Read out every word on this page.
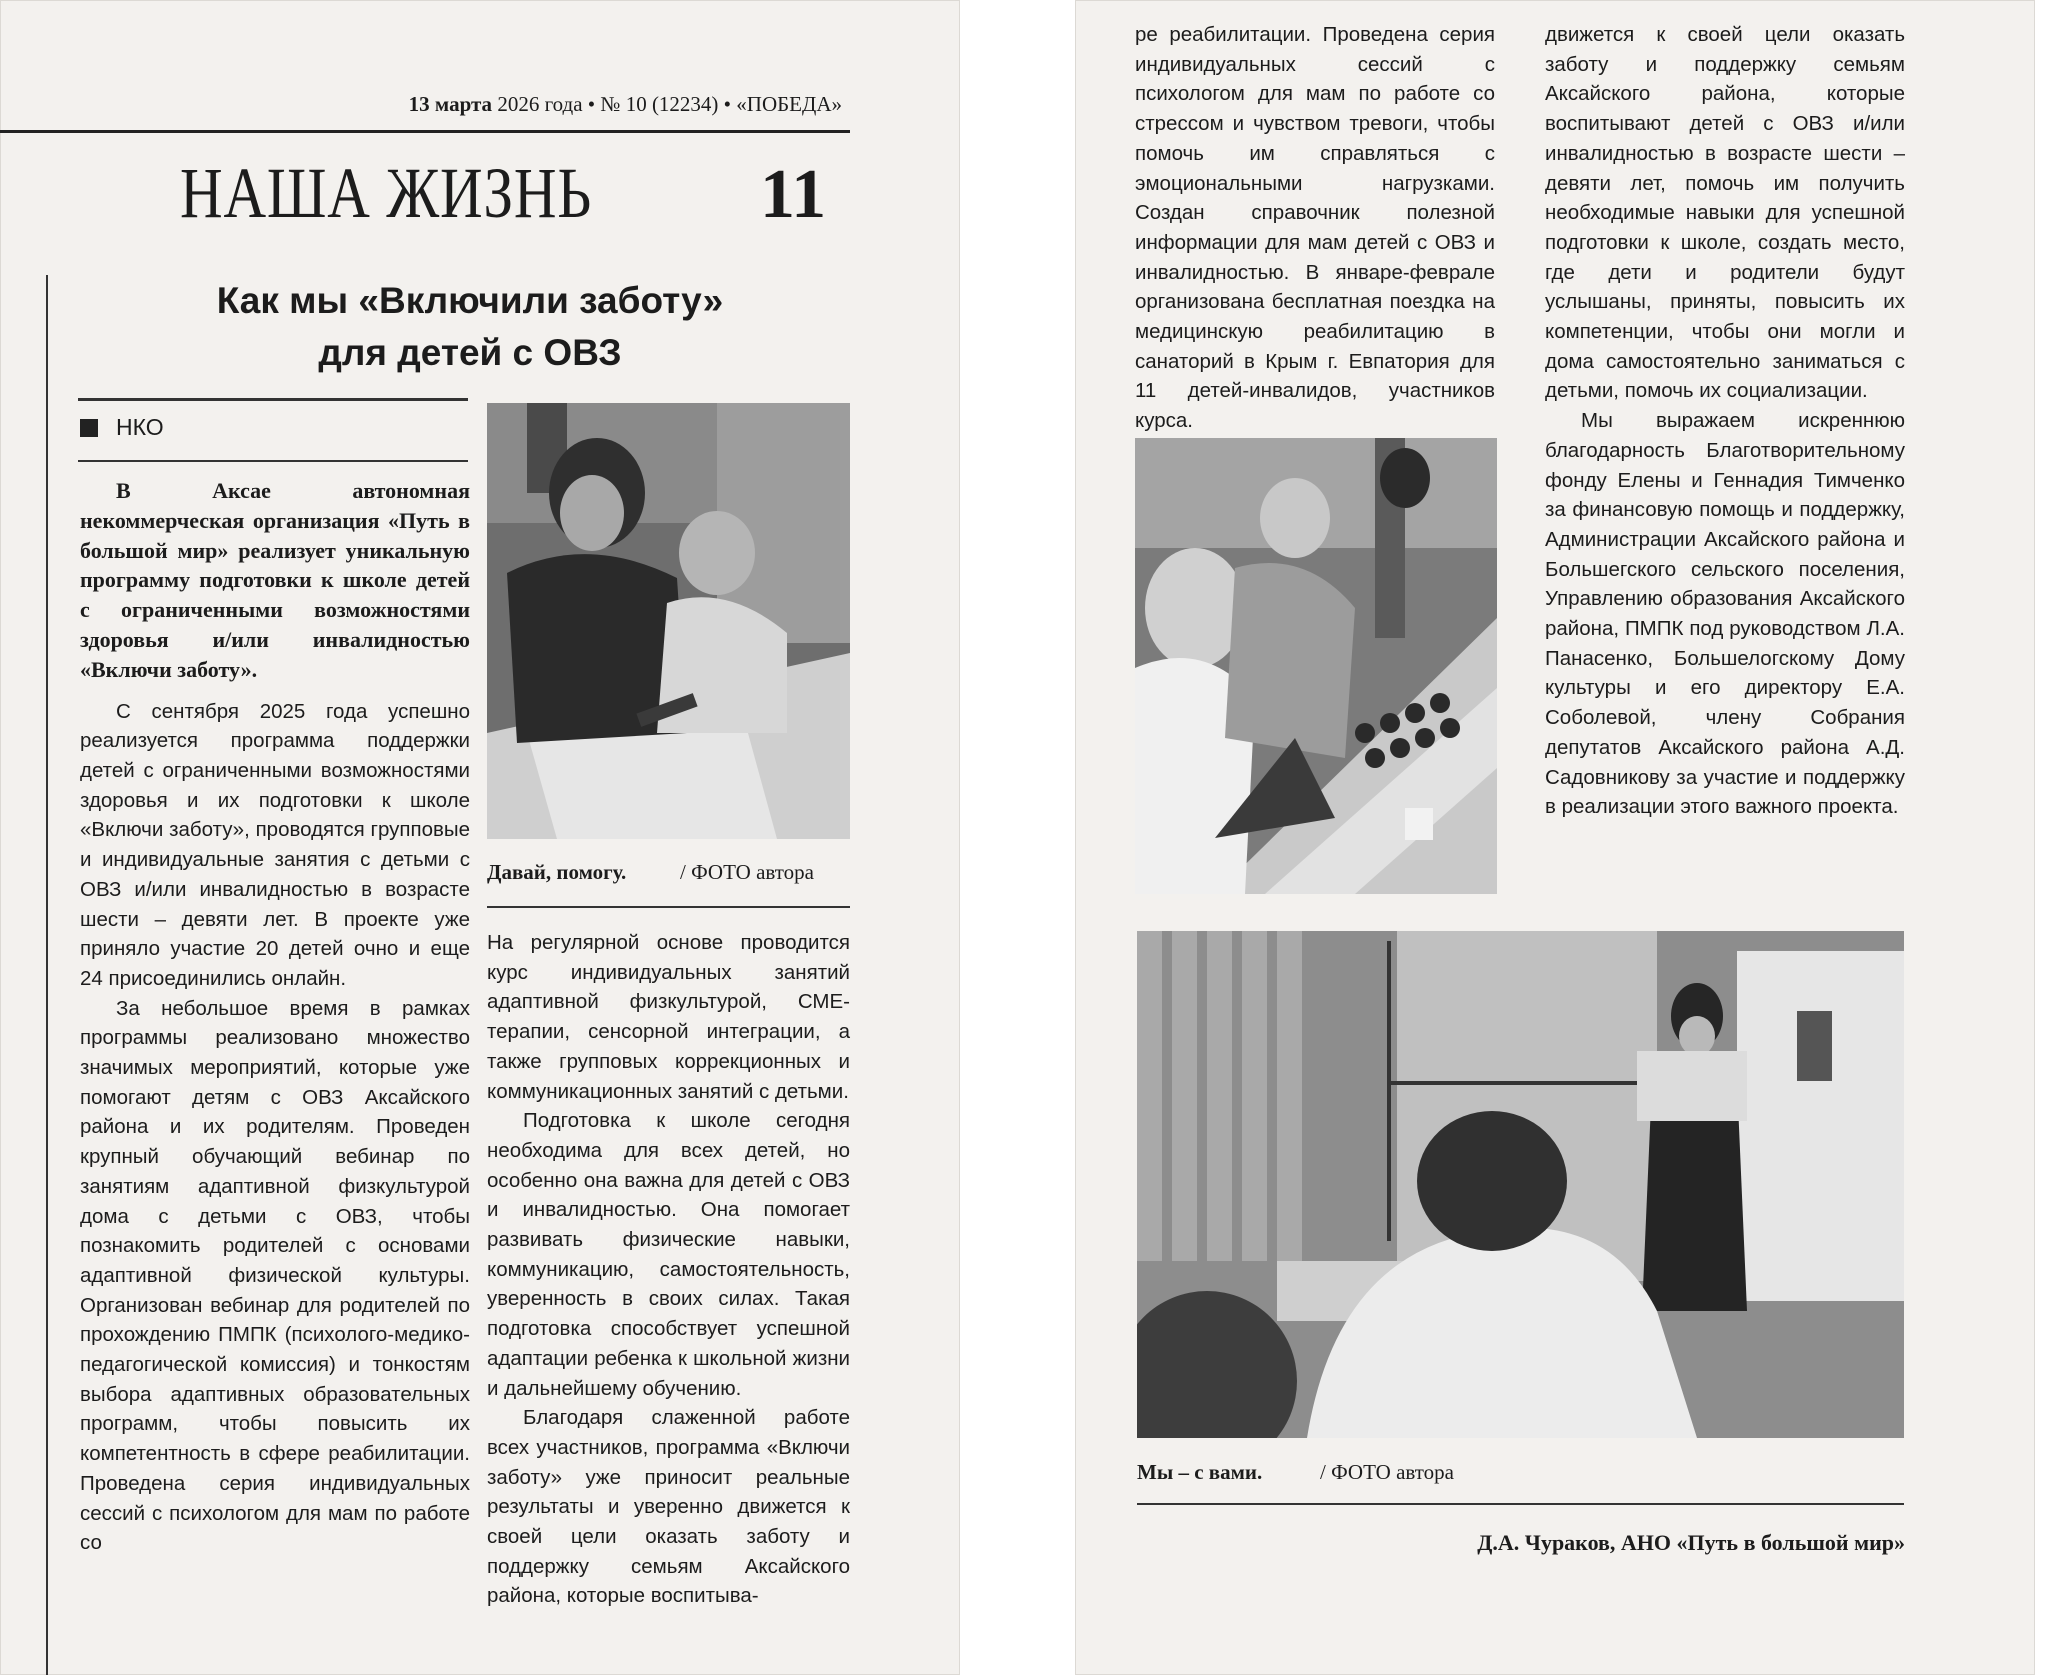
13 марта 2026 года • № 10 (12234) • «ПОБЕДА»
НАША ЖИЗНЬ 11
Как мы «Включили заботу»
для детей с ОВЗ
НКО

В Аксае автономная некоммерческая организация «Путь в большой мир» реализует уникальную программу подготовки к школе детей с ограниченными возможностями здоровья и/или инвалидностью «Включи заботу».

С сентября 2025 года успешно реализуется программа поддержки детей с ограниченными возможностями здоровья и их подготовки к школе «Включи заботу», проводятся групповые и индивидуальные занятия с детьми с ОВЗ и/или инвалидностью в возрасте шести – девяти лет. В проекте уже приняло участие 20 детей очно и еще 24 присоединились онлайн.

За небольшое время в рамках программы реализовано множество значимых мероприятий, которые уже помогают детям с ОВЗ Аксайского района и их родителям. Проведен крупный обучающий вебинар по занятиям адаптивной физкультурой дома с детьми с ОВЗ, чтобы познакомить родителей с основами адаптивной физической культуры. Организован вебинар для родителей по прохождению ПМПК (психолого-медико-педагогической комиссия) и тонкостям выбора адаптивных образовательных программ, чтобы повысить их компетентность в сфере реабилитации. Проведена серия индивидуальных сессий с психологом для мам по работе со

Давай, помогу.	/ ФОТО автора

На регулярной основе проводится курс индивидуальных занятий адаптивной физкультурой, СМЕ-терапии, сенсорной интеграции, а также групповых коррекционных и коммуникационных занятий с детьми.

Подготовка к школе сегодня необходима для всех детей, но особенно она важна для детей с ОВЗ и инвалидностью. Она помогает развивать физические навыки, коммуникацию, самостоятельность, уверенность в своих силах. Такая подготовка способствует успешной адаптации ребенка к школьной жизни и дальнейшему обучению.

Благодаря слаженной работе всех участников, программа «Включи заботу» уже приносит реальные результаты и уверенно движется к своей цели оказать заботу и поддержку семьям Аксайского района, которые воспитыва-

ре реабилитации. Проведена серия индивидуальных сессий с психологом для мам по работе со стрессом и чувством тревоги, чтобы помочь им справляться с эмоциональными нагрузками. Создан справочник полезной информации для мам детей с ОВЗ и инвалидностью. В январе-феврале организована бесплатная поездка на медицинскую реабилитацию в санаторий в Крым г. Евпатория для 11 детей-инвалидов, участников курса.

движется к своей цели оказать заботу и поддержку семьям Аксайского района, которые воспитывают детей с ОВЗ и/или инвалидностью в возрасте шести – девяти лет, помочь им получить необходимые навыки для успешной подготовки к школе, создать место, где дети и родители будут услышаны, приняты, повысить их компетенции, чтобы они могли и дома самостоятельно заниматься с детьми, помочь их социализации.

Мы выражаем искреннюю благодарность Благотворительному фонду Елены и Геннадия Тимченко за финансовую помощь и поддержку, Администрации Аксайского района и Большегского сельского поселения, Управлению образования Аксайского района, ПМПК под руководством Л.А. Панасенко, Большелогскому Дому культуры и его директору Е.А. Соболевой, члену Собрания депутатов Аксайского района А.Д. Садовникову за участие и поддержку в реализации этого важного проекта.

Мы – с вами.	/ ФОТО автора
Д.А. Чураков, АНО «Путь в большой мир»
